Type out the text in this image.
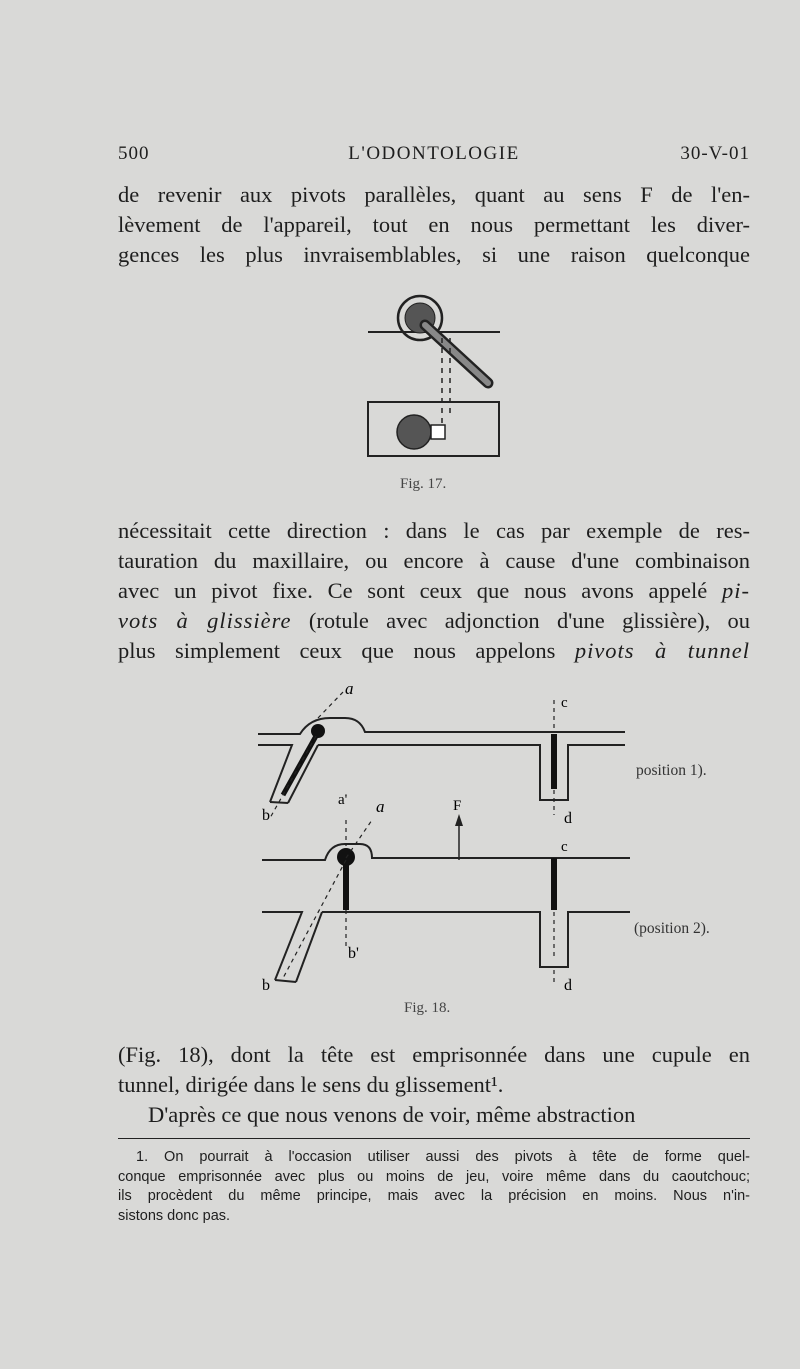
500	L'ODONTOLOGIE	30-V-01
de revenir aux pivots parallèles, quant au sens F de l'en-
lèvement de l'appareil, tout en nous permettant les diver-
gences les plus invraisemblables, si une raison quelconque
Fig. 17.
nécessitait cette direction : dans le cas par exemple de res-
tauration du maxillaire, ou encore à cause d'une combinaison
avec un pivot fixe. Ce sont ceux que nous avons appelé pi-
vots à glissière (rotule avec adjonction d'une glissière), ou
plus simplement ceux que nous appelons pivots à tunnel
a
c
a' a	F
b	d
c
b'
b	d
position 1).
(position 2).
Fig. 18.
(Fig. 18), dont la tête est emprisonnée dans une cupule en
tunnel, dirigée dans le sens du glissement¹.
D'après ce que nous venons de voir, même abstraction
1. On pourrait à l'occasion utiliser aussi des pivots à tête de forme quel-
conque emprisonnée avec plus ou moins de jeu, voire même dans du caoutchouc;
ils procèdent du même principe, mais avec la précision en moins. Nous n'in-
sistons donc pas.
